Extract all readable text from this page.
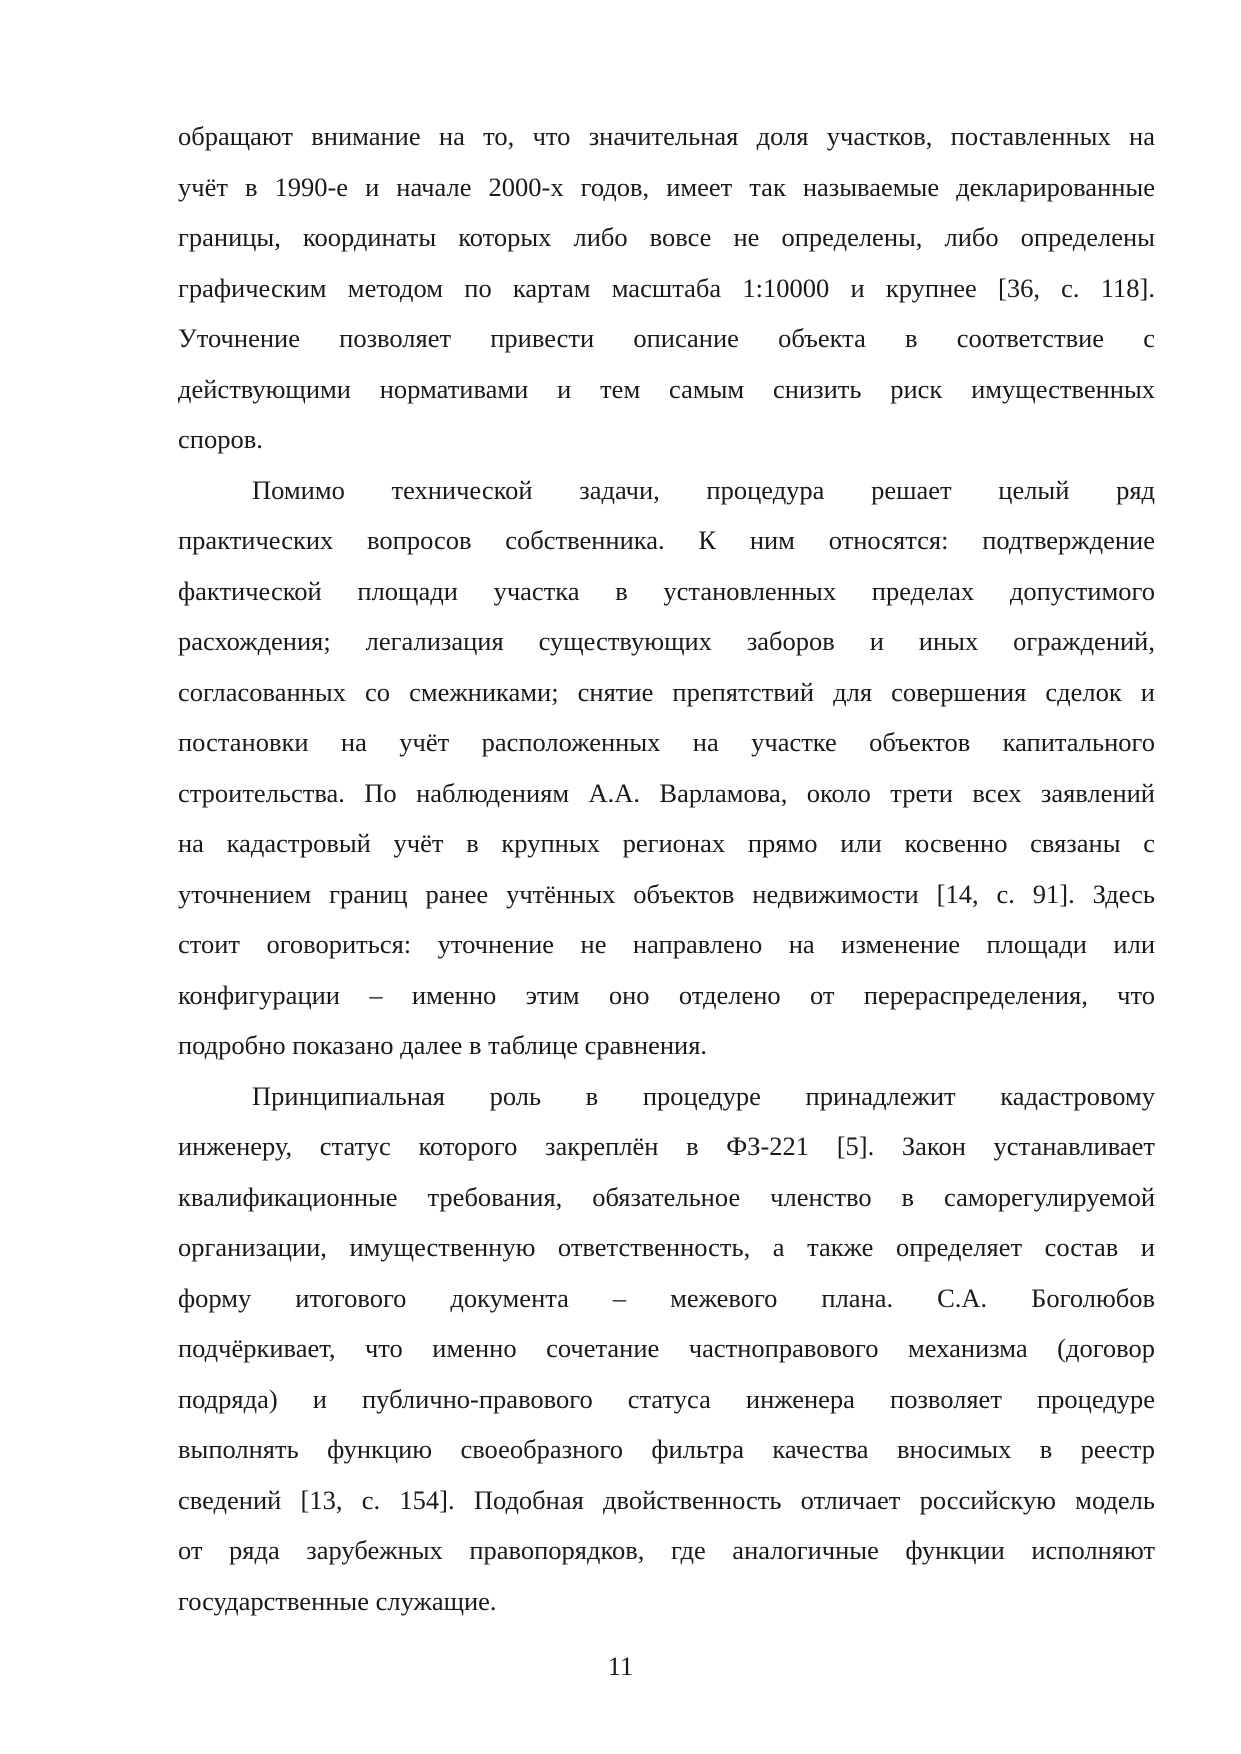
обращают внимание на то, что значительная доля участков, поставленных на
учёт в 1990-е и начале 2000-х годов, имеет так называемые декларированные
границы, координаты которых либо вовсе не определены, либо определены
графическим методом по картам масштаба 1:10000 и крупнее [36, с. 118].
Уточнение позволяет привести описание объекта в соответствие с
действующими нормативами и тем самым снизить риск имущественных
споров.
Помимо технической задачи, процедура решает целый ряд
практических вопросов собственника. К ним относятся: подтверждение
фактической площади участка в установленных пределах допустимого
расхождения; легализация существующих заборов и иных ограждений,
согласованных со смежниками; снятие препятствий для совершения сделок и
постановки на учёт расположенных на участке объектов капитального
строительства. По наблюдениям А.А. Варламова, около трети всех заявлений
на кадастровый учёт в крупных регионах прямо или косвенно связаны с
уточнением границ ранее учтённых объектов недвижимости [14, с. 91]. Здесь
стоит оговориться: уточнение не направлено на изменение площади или
конфигурации – именно этим оно отделено от перераспределения, что
подробно показано далее в таблице сравнения.
Принципиальная роль в процедуре принадлежит кадастровому
инженеру, статус которого закреплён в ФЗ-221 [5]. Закон устанавливает
квалификационные требования, обязательное членство в саморегулируемой
организации, имущественную ответственность, а также определяет состав и
форму итогового документа – межевого плана. С.А. Боголюбов
подчёркивает, что именно сочетание частноправового механизма (договор
подряда) и публично-правового статуса инженера позволяет процедуре
выполнять функцию своеобразного фильтра качества вносимых в реестр
сведений [13, с. 154]. Подобная двойственность отличает российскую модель
от ряда зарубежных правопорядков, где аналогичные функции исполняют
государственные служащие.
11
